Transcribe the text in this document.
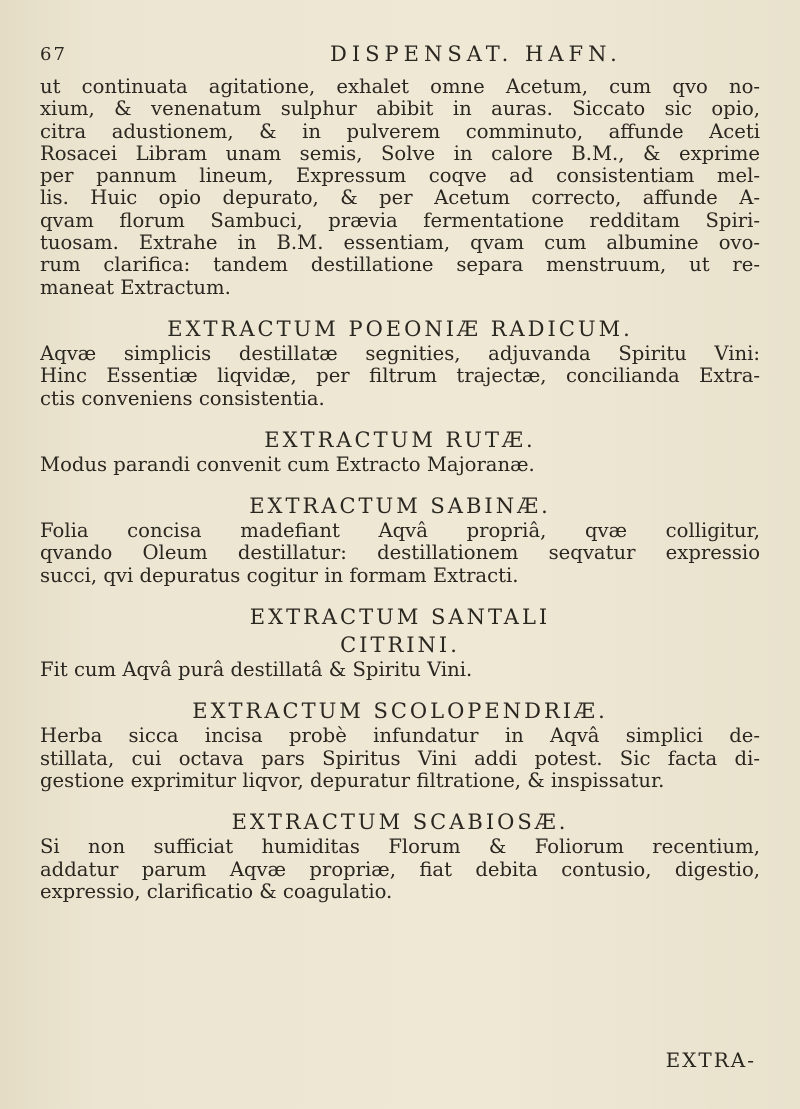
67	DISPENSAT. HAFN.
ut continuata agitatione, exhalet omne Acetum, cum qvo no-
xium, & venenatum sulphur abibit in auras. Siccato sic opio,
citra adustionem, & in pulverem comminuto, affunde Aceti
Rosacei Libram unam semis, Solve in calore B.M., & exprime
per pannum lineum, Expressum coqve ad consistentiam mel-
lis. Huic opio depurato, & per Acetum correcto, affunde A-
qvam florum Sambuci, prævia fermentatione redditam Spiri-
tuosam. Extrahe in B.M. essentiam, qvam cum albumine ovo-
rum clarifica: tandem destillatione separa menstruum, ut re-
maneat Extractum.
EXTRACTUM POEONIÆ RADICUM.
Aqvæ simplicis destillatæ segnities, adjuvanda Spiritu Vini:
Hinc Essentiæ liqvidæ, per filtrum trajectæ, concilianda Extra-
ctis conveniens consistentia.
EXTRACTUM RUTÆ.
Modus parandi convenit cum Extracto Majoranæ.
EXTRACTUM SABINÆ.
Folia concisa madefiant Aqvâ propriâ, qvæ colligitur,
qvando Oleum destillatur: destillationem seqvatur expressio
succi, qvi depuratus cogitur in formam Extracti.
EXTRACTUM SANTALI
CITRINI.
Fit cum Aqvâ purâ destillatâ & Spiritu Vini.
EXTRACTUM SCOLOPENDRIÆ.
Herba sicca incisa probè infundatur in Aqvâ simplici de-
stillata, cui octava pars Spiritus Vini addi potest. Sic facta di-
gestione exprimitur liqvor, depuratur filtratione, & inspissatur.
EXTRACTUM SCABIOSÆ.
Si non sufficiat humiditas Florum & Foliorum recentium,
addatur parum Aqvæ propriæ, fiat debita contusio, digestio,
expressio, clarificatio & coagulatio.
EXTRA-
